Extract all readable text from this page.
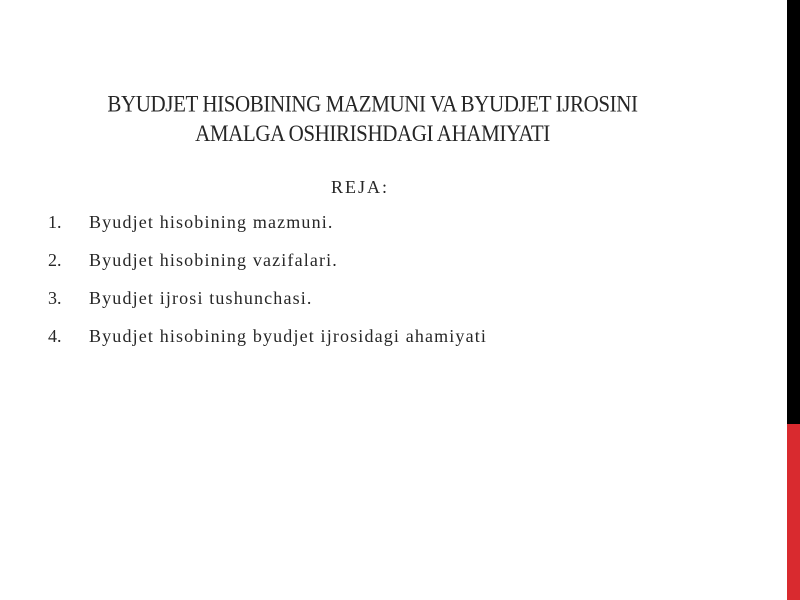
BYUDJET HISOBINING MAZMUNI VA BYUDJET IJROSINI
AMALGA OSHIRISHDAGI AHAMIYATI
REJA:
1.	Byudjet hisobining mazmuni.
2.	Byudjet hisobining vazifalari.
3.	Byudjet ijrosi tushunchasi.
4.	Byudjet hisobining byudjet ijrosidagi ahamiyati
